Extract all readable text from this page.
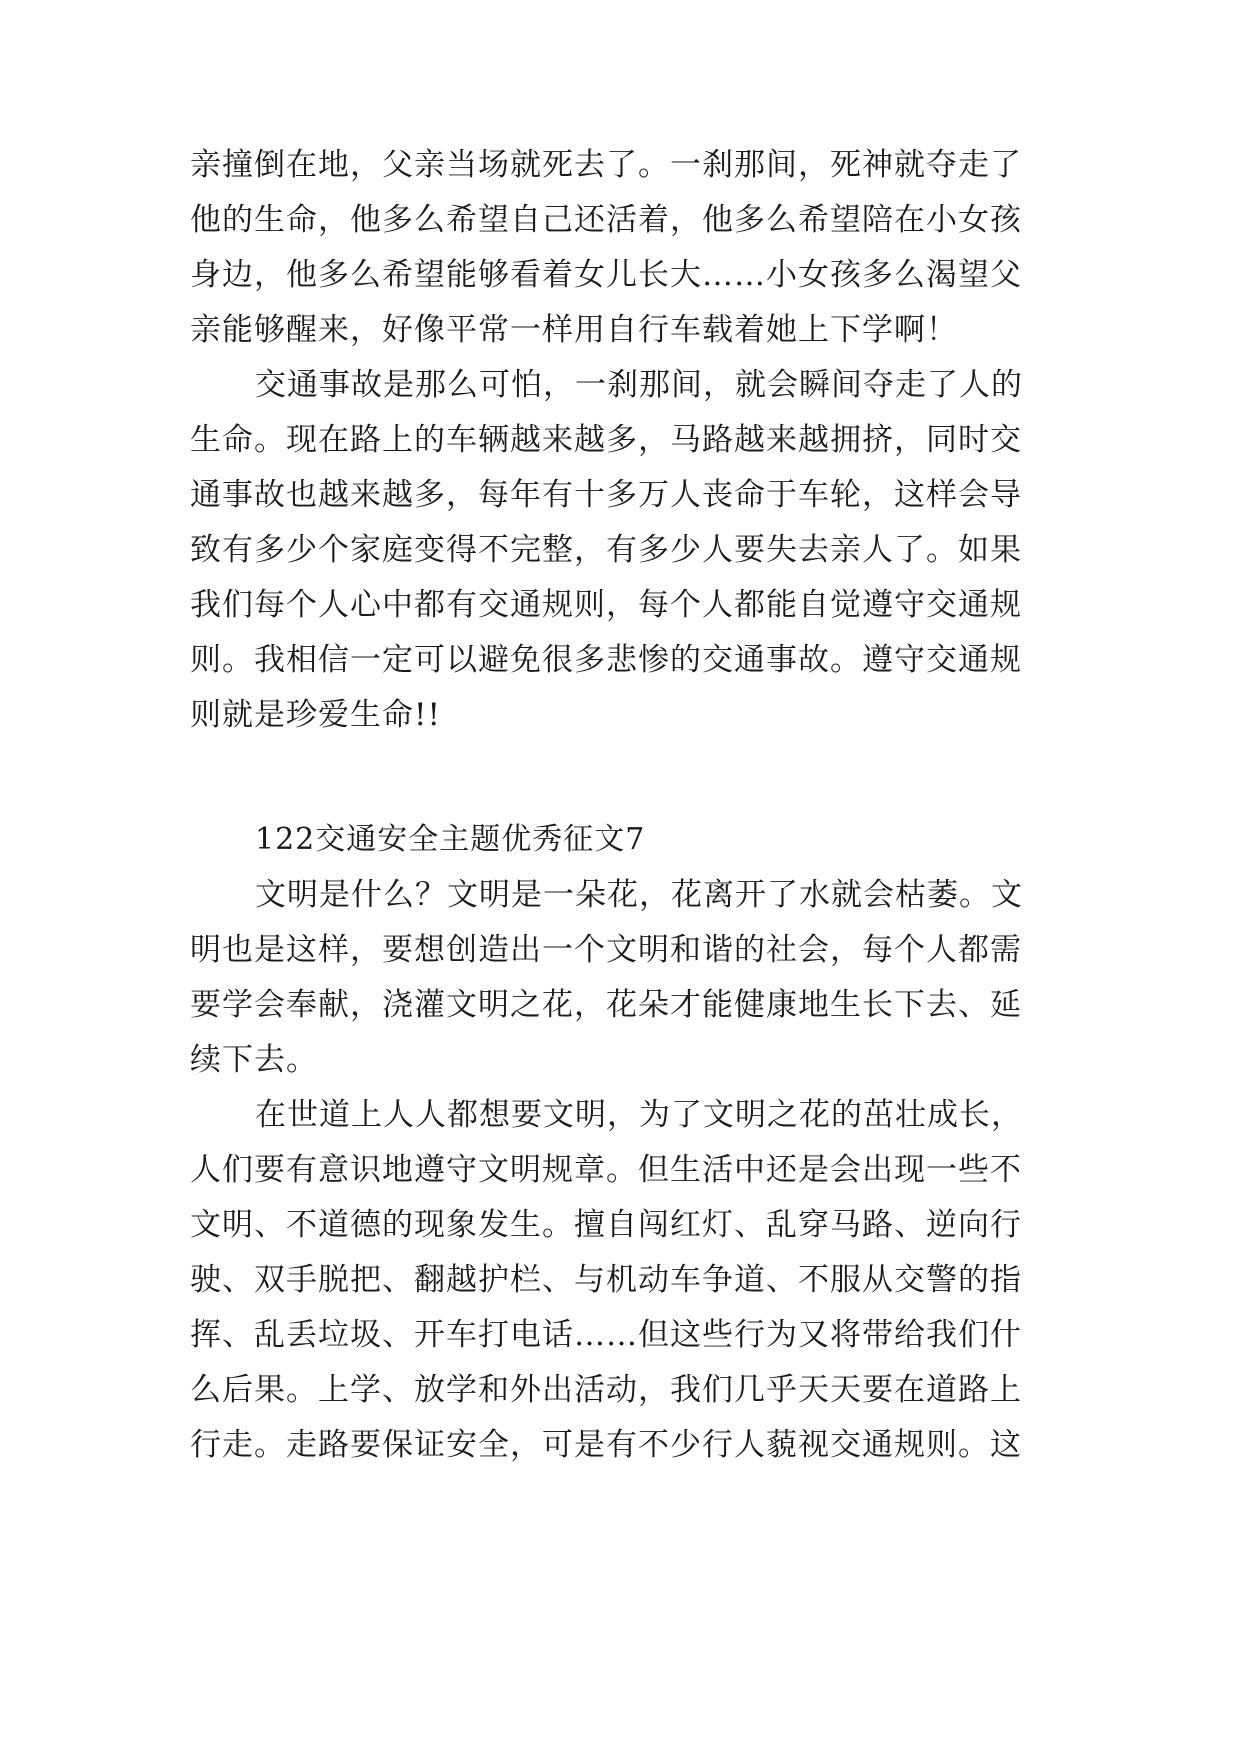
亲撞倒在地，父亲当场就死去了。一刹那间，死神就夺走了
他的生命，他多么希望自己还活着，他多么希望陪在小女孩
身边，他多么希望能够看着女儿长大……小女孩多么渴望父
亲能够醒来，好像平常一样用自行车载着她上下学啊！
交通事故是那么可怕，一刹那间，就会瞬间夺走了人的
生命。现在路上的车辆越来越多，马路越来越拥挤，同时交
通事故也越来越多，每年有十多万人丧命于车轮，这样会导
致有多少个家庭变得不完整，有多少人要失去亲人了。如果
我们每个人心中都有交通规则，每个人都能自觉遵守交通规
则。我相信一定可以避免很多悲惨的交通事故。遵守交通规
则就是珍爱生命!!
122交通安全主题优秀征文7
文明是什么？文明是一朵花，花离开了水就会枯萎。文
明也是这样，要想创造出一个文明和谐的社会，每个人都需
要学会奉献，浇灌文明之花，花朵才能健康地生长下去、延
续下去。
在世道上人人都想要文明，为了文明之花的茁壮成长，
人们要有意识地遵守文明规章。但生活中还是会出现一些不
文明、不道德的现象发生。擅自闯红灯、乱穿马路、逆向行
驶、双手脱把、翻越护栏、与机动车争道、不服从交警的指
挥、乱丢垃圾、开车打电话……但这些行为又将带给我们什
么后果。上学、放学和外出活动，我们几乎天天要在道路上
行走。走路要保证安全，可是有不少行人藐视交通规则。这
